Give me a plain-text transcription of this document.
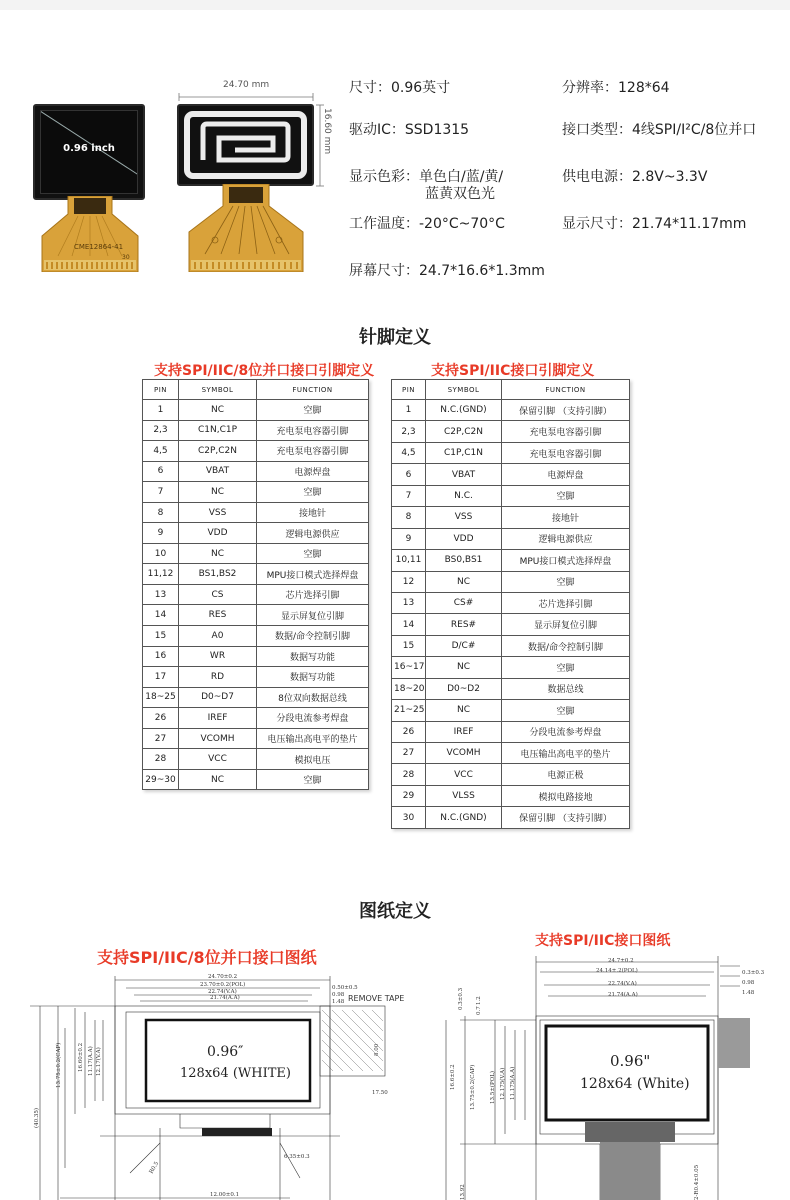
0.96 inch
CME12864-41
30
24.70 mm
16.60 mm
尺寸：0.96英寸	分辨率：128*64
驱动IC：SSD1315	接口类型：4线SPI/I²C/8位并口
显示色彩：单色白/蓝/黄/
蓝黄双色光
供电电源：2.8V~3.3V
工作温度：-20°C~70°C	显示尺寸：21.74*11.17mm
屏幕尺寸：24.7*16.6*1.3mm
针脚定义
支持SPI/IIC/8位并口接口引脚定义	支持SPI/IIC接口引脚定义
PIN	SYMBOL	FUNCTION
1	NC	空脚
2,3	C1N,C1P	充电泵电容器引脚
4,5	C2P,C2N	充电泵电容器引脚
6	VBAT	电源焊盘
7	NC	空脚
8	VSS	接地针
9	VDD	逻辑电源供应
10	NC	空脚
11,12	BS1,BS2	MPU接口模式选择焊盘
13	CS	芯片选择引脚
14	RES	显示屏复位引脚
15	A0	数据/命令控制引脚
16	WR	数据写功能
17	RD	数据写功能
18~25	D0~D7	8位双向数据总线
26	IREF	分段电流参考焊盘
27	VCOMH	电压输出高电平的垫片
28	VCC	模拟电压
29~30	NC	空脚
PIN	SYMBOL	FUNCTION
1	N.C.(GND)	保留引脚 （支持引脚）
2,3	C2P,C2N	充电泵电容器引脚
4,5	C1P,C1N	充电泵电容器引脚
6	VBAT	电源焊盘
7	N.C.	空脚
8	VSS	接地针
9	VDD	逻辑电源供应
10,11	BS0,BS1	MPU接口模式选择焊盘
12	NC	空脚
13	CS#	芯片选择引脚
14	RES#	显示屏复位引脚
15	D/C#	数据/命令控制引脚
16~17	NC	空脚
18~20	D0~D2	数据总线
21~25	NC	空脚
26	IREF	分段电流参考焊盘
27	VCOMH	电压输出高电平的垫片
28	VCC	电源正极
29	VLSS	模拟电路接地
30	N.C.(GND)	保留引脚 （支持引脚）
图纸定义
支持SPI/IIC/8位并口接口图纸
支持SPI/IIC接口图纸
24.70±0.2
23.70±0.2(POL)
22.74(V.A)
21.74(A.A)
0.50±0.5
0.98
1.48
17.50
6.35±0.3
12.00±0.1
13.75±0.2(CAP)	16.60±0.2 11.17(A.A) 12.17(V.A)
(40.35)
8.00
R0.5
REMOVE TAPE
0.96″
128x64 (WHITE)
24.7±0.2
24.14±.2(POL)
22.74(V.A)
21.74(A.A)
0.3±0.3
0.98
1.48
0.3±0.3 1.2
0.7
16.6±0.2	13.75±0.2(CAP)	13.5±(POL) 12.175(V.A) 11.175(A.A)
13.92	2-R0.4±0.05
0.96"
128x64 (White)
